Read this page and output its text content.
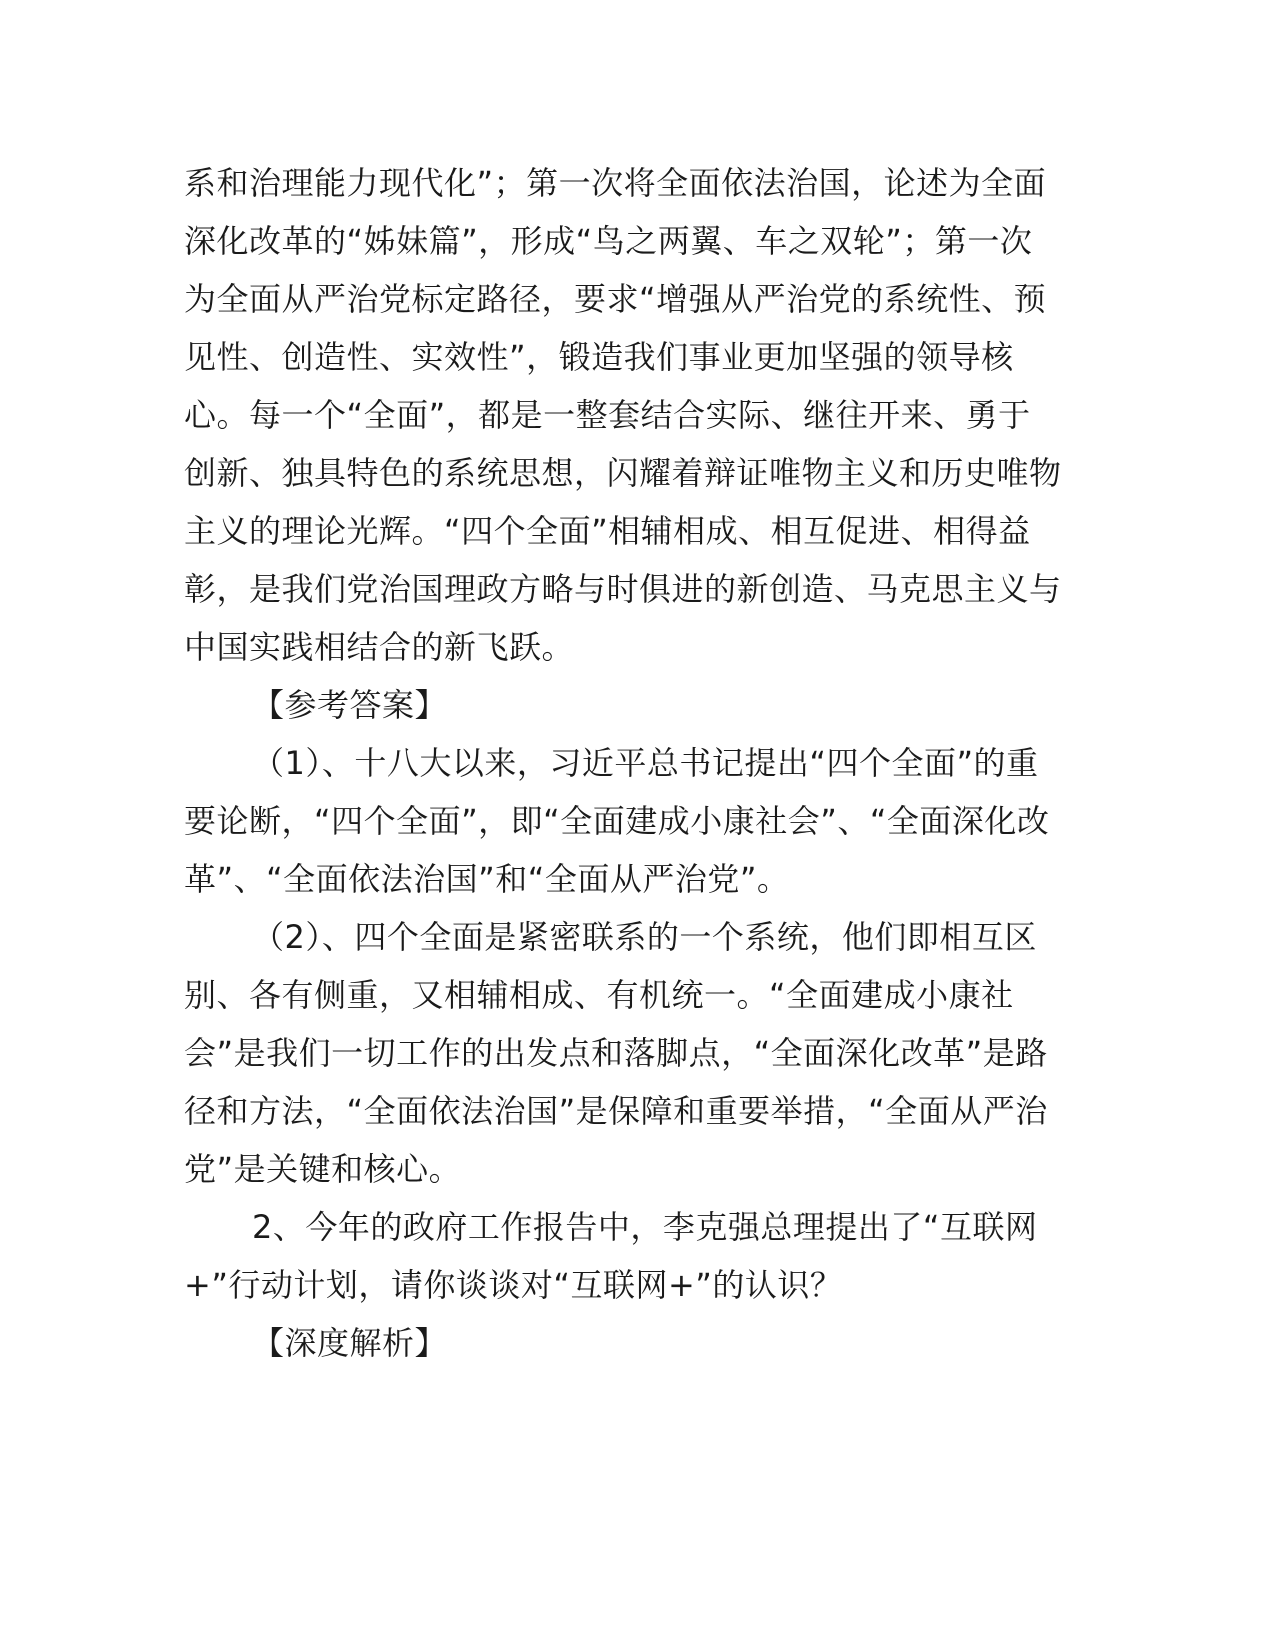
系和治理能力现代化”；第一次将全面依法治国，论述为全面
深化改革的“姊妹篇”，形成“鸟之两翼、车之双轮”；第一次
为全面从严治党标定路径，要求“增强从严治党的系统性、预
见性、创造性、实效性”，锻造我们事业更加坚强的领导核
心。每一个“全面”，都是一整套结合实际、继往开来、勇于
创新、独具特色的系统思想，闪耀着辩证唯物主义和历史唯物
主义的理论光辉。“四个全面”相辅相成、相互促进、相得益
彰，是我们党治国理政方略与时俱进的新创造、马克思主义与
中国实践相结合的新飞跃。
【参考答案】
（1）、十八大以来，习近平总书记提出“四个全面”的重
要论断，“四个全面”，即“全面建成小康社会”、“全面深化改
革”、“全面依法治国”和“全面从严治党”。
（2）、四个全面是紧密联系的一个系统，他们即相互区
别、各有侧重，又相辅相成、有机统一。“全面建成小康社
会”是我们一切工作的出发点和落脚点，“全面深化改革”是路
径和方法，“全面依法治国”是保障和重要举措，“全面从严治
党”是关键和核心。
2、今年的政府工作报告中，李克强总理提出了“互联网
+”行动计划，请你谈谈对“互联网+”的认识？
【深度解析】
